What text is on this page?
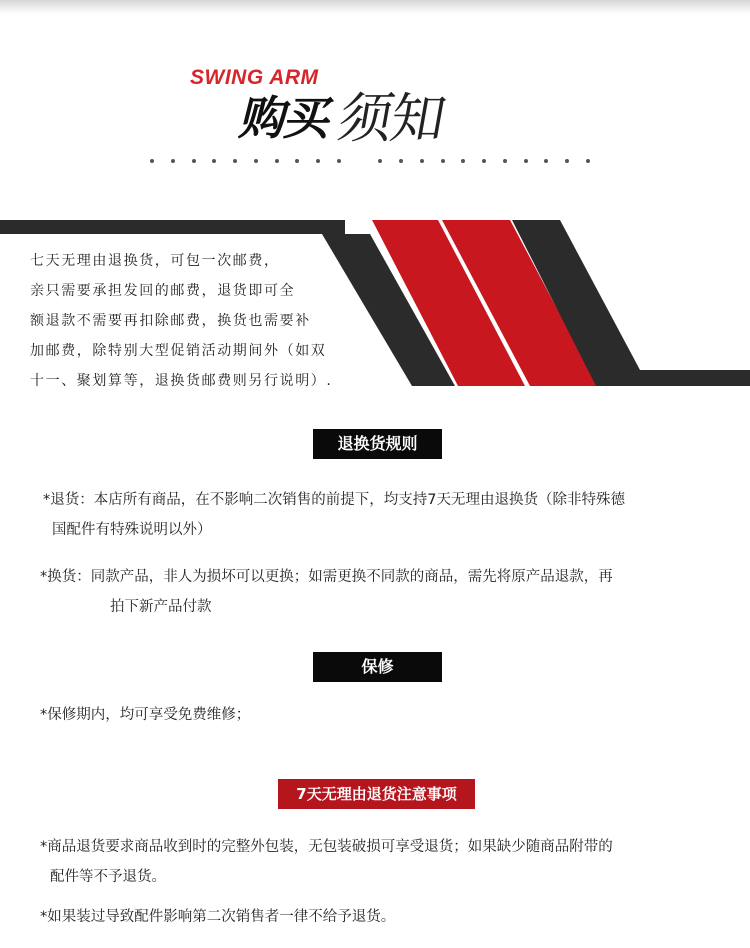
SWING ARM
购买 须知

七天无理由退换货，可包一次邮费，

亲只需要承担发回的邮费，退货即可全

额退款不需要再扣除邮费，换货也需要补

加邮费，除特别大型促销活动期间外（如双

十一、聚划算等，退换货邮费则另行说明）.

退换货规则

*退货：本店所有商品，在不影响二次销售的前提下，均支持7天无理由退换货（除非特殊德

国配件有特殊说明以外）

*换货：同款产品，非人为损坏可以更换；如需更换不同款的商品，需先将原产品退款，再

拍下新产品付款

保修

*保修期内，均可享受免费维修；

7天无理由退货注意事项

*商品退货要求商品收到时的完整外包装，无包装破损可享受退货；如果缺少随商品附带的

配件等不予退货。

*如果装过导致配件影响第二次销售者一律不给予退货。
